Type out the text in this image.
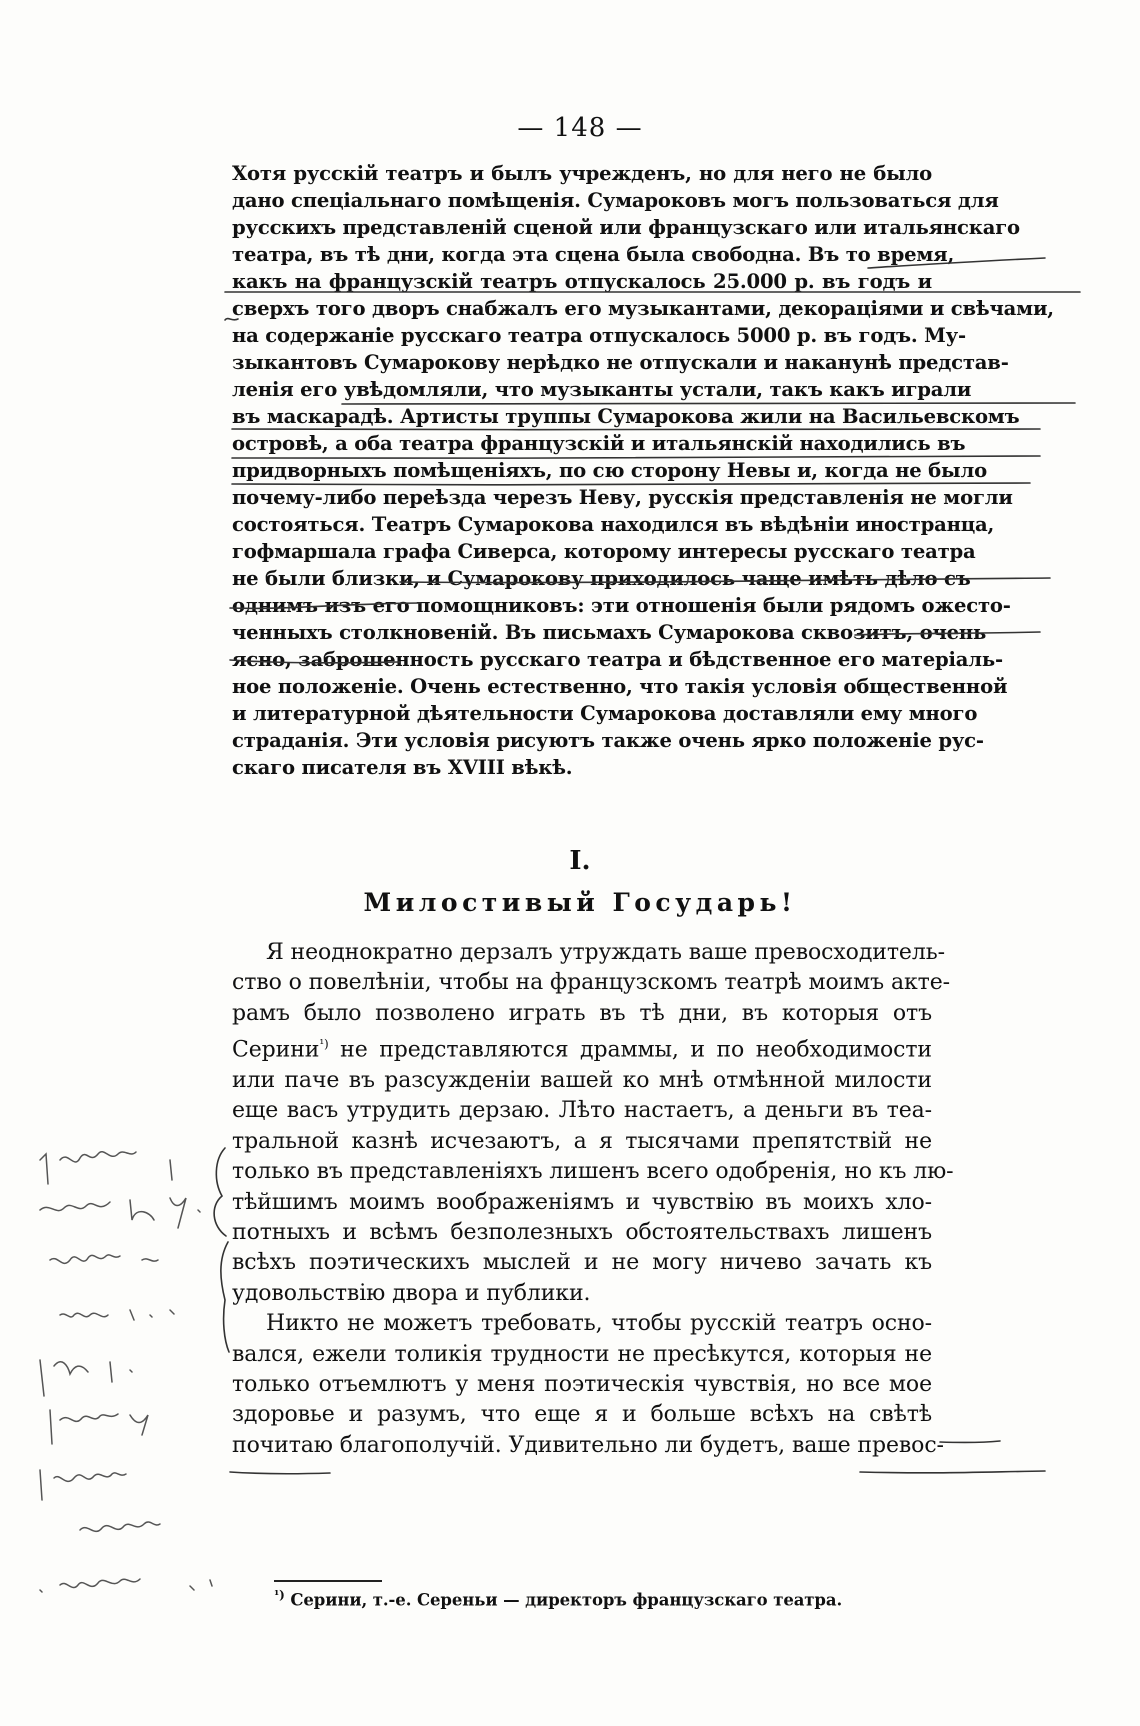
— 148 —
Хотя русскій театръ и былъ учрежденъ, но для него не было
дано спеціальнаго помѣщенія. Сумароковъ могъ пользоваться для
русскихъ представленій сценой или французскаго или итальянскаго
театра, въ тѣ дни, когда эта сцена была свободна. Въ то время,
какъ на французскій театръ отпускалось 25.000 р. въ годъ и
сверхъ того дворъ снабжалъ его музыкантами, декораціями и свѣчами,
на содержаніе русскаго театра отпускалось 5000 р. въ годъ. Му-
зыкантовъ Сумарокову нерѣдко не отпускали и наканунѣ представ-
ленія его увѣдомляли, что музыканты устали, такъ какъ играли
въ маскарадѣ. Артисты труппы Сумарокова жили на Васильевскомъ
островѣ, а оба театра французскій и итальянскій находились въ
придворныхъ помѣщеніяхъ, по сю сторону Невы и, когда не было
почему-либо переѣзда черезъ Неву, русскія представленія не могли
состояться. Театръ Сумарокова находился въ вѣдѣніи иностранца,
гофмаршала графа Сиверса, которому интересы русскаго театра
не были близки, и Сумарокову приходилось чаще имѣть дѣло съ
однимъ изъ его помощниковъ: эти отношенія были рядомъ ожесто-
ченныхъ столкновеній. Въ письмахъ Сумарокова сквозитъ, очень
ясно, заброшенность русскаго театра и бѣдственное его матеріаль-
ное положеніе. Очень естественно, что такія условія общественной
и литературной дѣятельности Сумарокова доставляли ему много
страданія. Эти условія рисуютъ также очень ярко положеніе рус-
скаго писателя въ XVIII вѣкѣ.
I.
Милостивый Государь!
Я неоднократно дерзалъ утруждать ваше превосходитель-
ство о повелѣніи, чтобы на французскомъ театрѣ моимъ акте-
рамъ было позволено играть въ тѣ дни, въ которыя отъ
Серини$^{^1)}$ не представляются драммы, и по необходимости
или паче въ разсужденіи вашей ко мнѣ отмѣнной милости
еще васъ утрудить дерзаю. Лѣто настаетъ, а деньги въ теа-
тральной казнѣ исчезаютъ, а я тысячами препятствій не
только въ представленіяхъ лишенъ всего одобренія, но къ лю-
тѣйшимъ моимъ воображеніямъ и чувствію въ моихъ хло-
потныхъ и всѣмъ безполезныхъ обстоятельствахъ лишенъ
всѣхъ поэтическихъ мыслей и не могу ничево зачать къ
удовольствію двора и публики.
Никто не можетъ требовать, чтобы русскій театръ осно-
вался, ежели толикія трудности не пресѣкутся, которыя не
только отъемлютъ у меня поэтическія чувствія, но все мое
здоровье и разумъ, что еще я и больше всѣхъ на свѣтѣ
почитаю благополучій. Удивительно ли будетъ, ваше превос-
$^{^1)}$ Серини, т.-е. Сереньи — директоръ французскаго театра.
